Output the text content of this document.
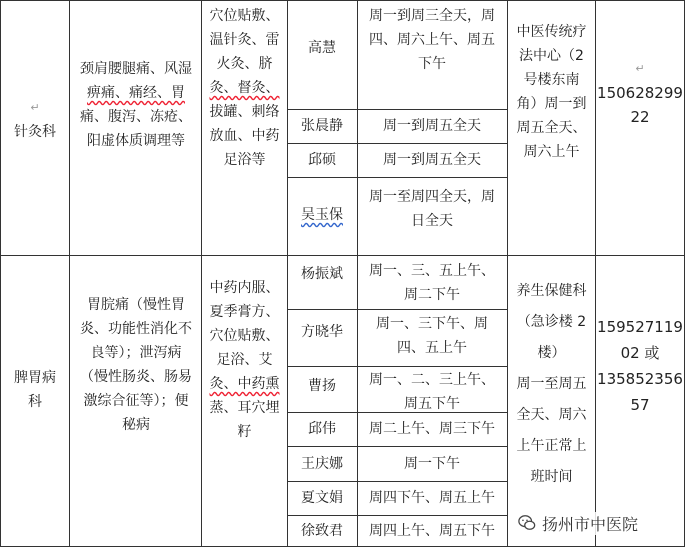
↵
针灸科
颈肩腰腿痛、风湿
痹痛、痛经、胃
痛、腹泻、冻疮、
阳虚体质调理等
穴位贴敷、
温针灸、雷
火灸、脐
灸、督灸、
拔罐、刺络
放血、中药
足浴等
高慧
周一到周三全天，周
四、周六上午、周五
下午
张晨静	周一到周五全天
邱硕	周一到周五全天
吴玉保
周一至周四全天，周
日全天
中医传统疗
法中心（2
号楼东南
角）周一到
周五全天、
周六上午
↵
150628299
22
脾胃病
科
胃脘痛（慢性胃
炎、功能性消化不
良等）；泄泻病
（慢性肠炎、肠易
激综合征等）；便
秘病
中药内服、
夏季膏方、
穴位贴敷、
足浴、艾
灸、中药熏
蒸、耳穴埋
籽
杨振斌	周一、三、五上午、
周二下午
方晓华	周一、三下午、周
四、五上午
曹扬	周一、二、三上午、
周五下午
邱伟	周二上午、周三下午
王庆娜	周一下午
夏文娟	周四下午、周五上午
徐致君	周四上午、周五下午
养生保健科
（急诊楼 2
楼）
周一至周五
全天、周六
上午正常上
班时间
159527119
02 或
135852356
57
扬州市中医院
